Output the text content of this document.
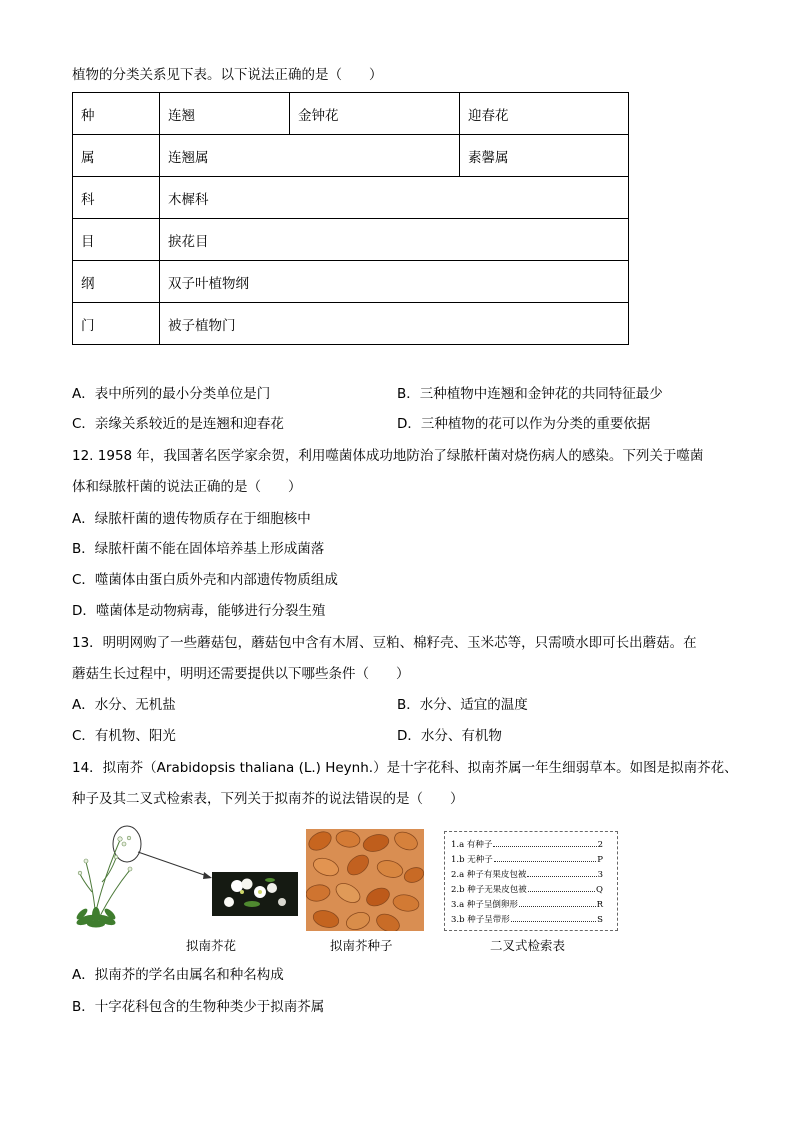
植物的分类关系见下表。以下说法正确的是（　　）
种	连翘	金钟花	迎春花
属	连翘属		素馨属
科	木樨科		
目	捩花目		
纲	双子叶植物纲		
门	被子植物门		
A．表中所列的最小分类单位是门	B．三种植物中连翘和金钟花的共同特征最少
C．亲缘关系较近的是连翘和迎春花	D．三种植物的花可以作为分类的重要依据
12. 1958 年，我国著名医学家余贺，利用噬菌体成功地防治了绿脓杆菌对烧伤病人的感染。下列关于噬菌
体和绿脓杆菌的说法正确的是（　　）
A．绿脓杆菌的遗传物质存在于细胞核中
B．绿脓杆菌不能在固体培养基上形成菌落
C．噬菌体由蛋白质外壳和内部遗传物质组成
D．噬菌体是动物病毒，能够进行分裂生殖
13．明明网购了一些蘑菇包，蘑菇包中含有木屑、豆粕、棉籽壳、玉米芯等，只需喷水即可长出蘑菇。在
蘑菇生长过程中，明明还需要提供以下哪些条件（　　）
A．水分、无机盐	B．水分、适宜的温度
C．有机物、阳光	D．水分、有机物
14．拟南芥（Arabidopsis thaliana (L.) Heynh.）是十字花科、拟南芥属一年生细弱草本。如图是拟南芥花、
种子及其二叉式检索表，下列关于拟南芥的说法错误的是（　　）
1.a 有种子	2
1.b 无种子	P
2.a 种子有果皮包被	3
2.b 种子无果皮包被	Q
3.a 种子呈倒卵形	R
3.b 种子呈带形	S
拟南芥花	拟南芥种子	二叉式检索表
A．拟南芥的学名由属名和种名构成
B．十字花科包含的生物种类少于拟南芥属
